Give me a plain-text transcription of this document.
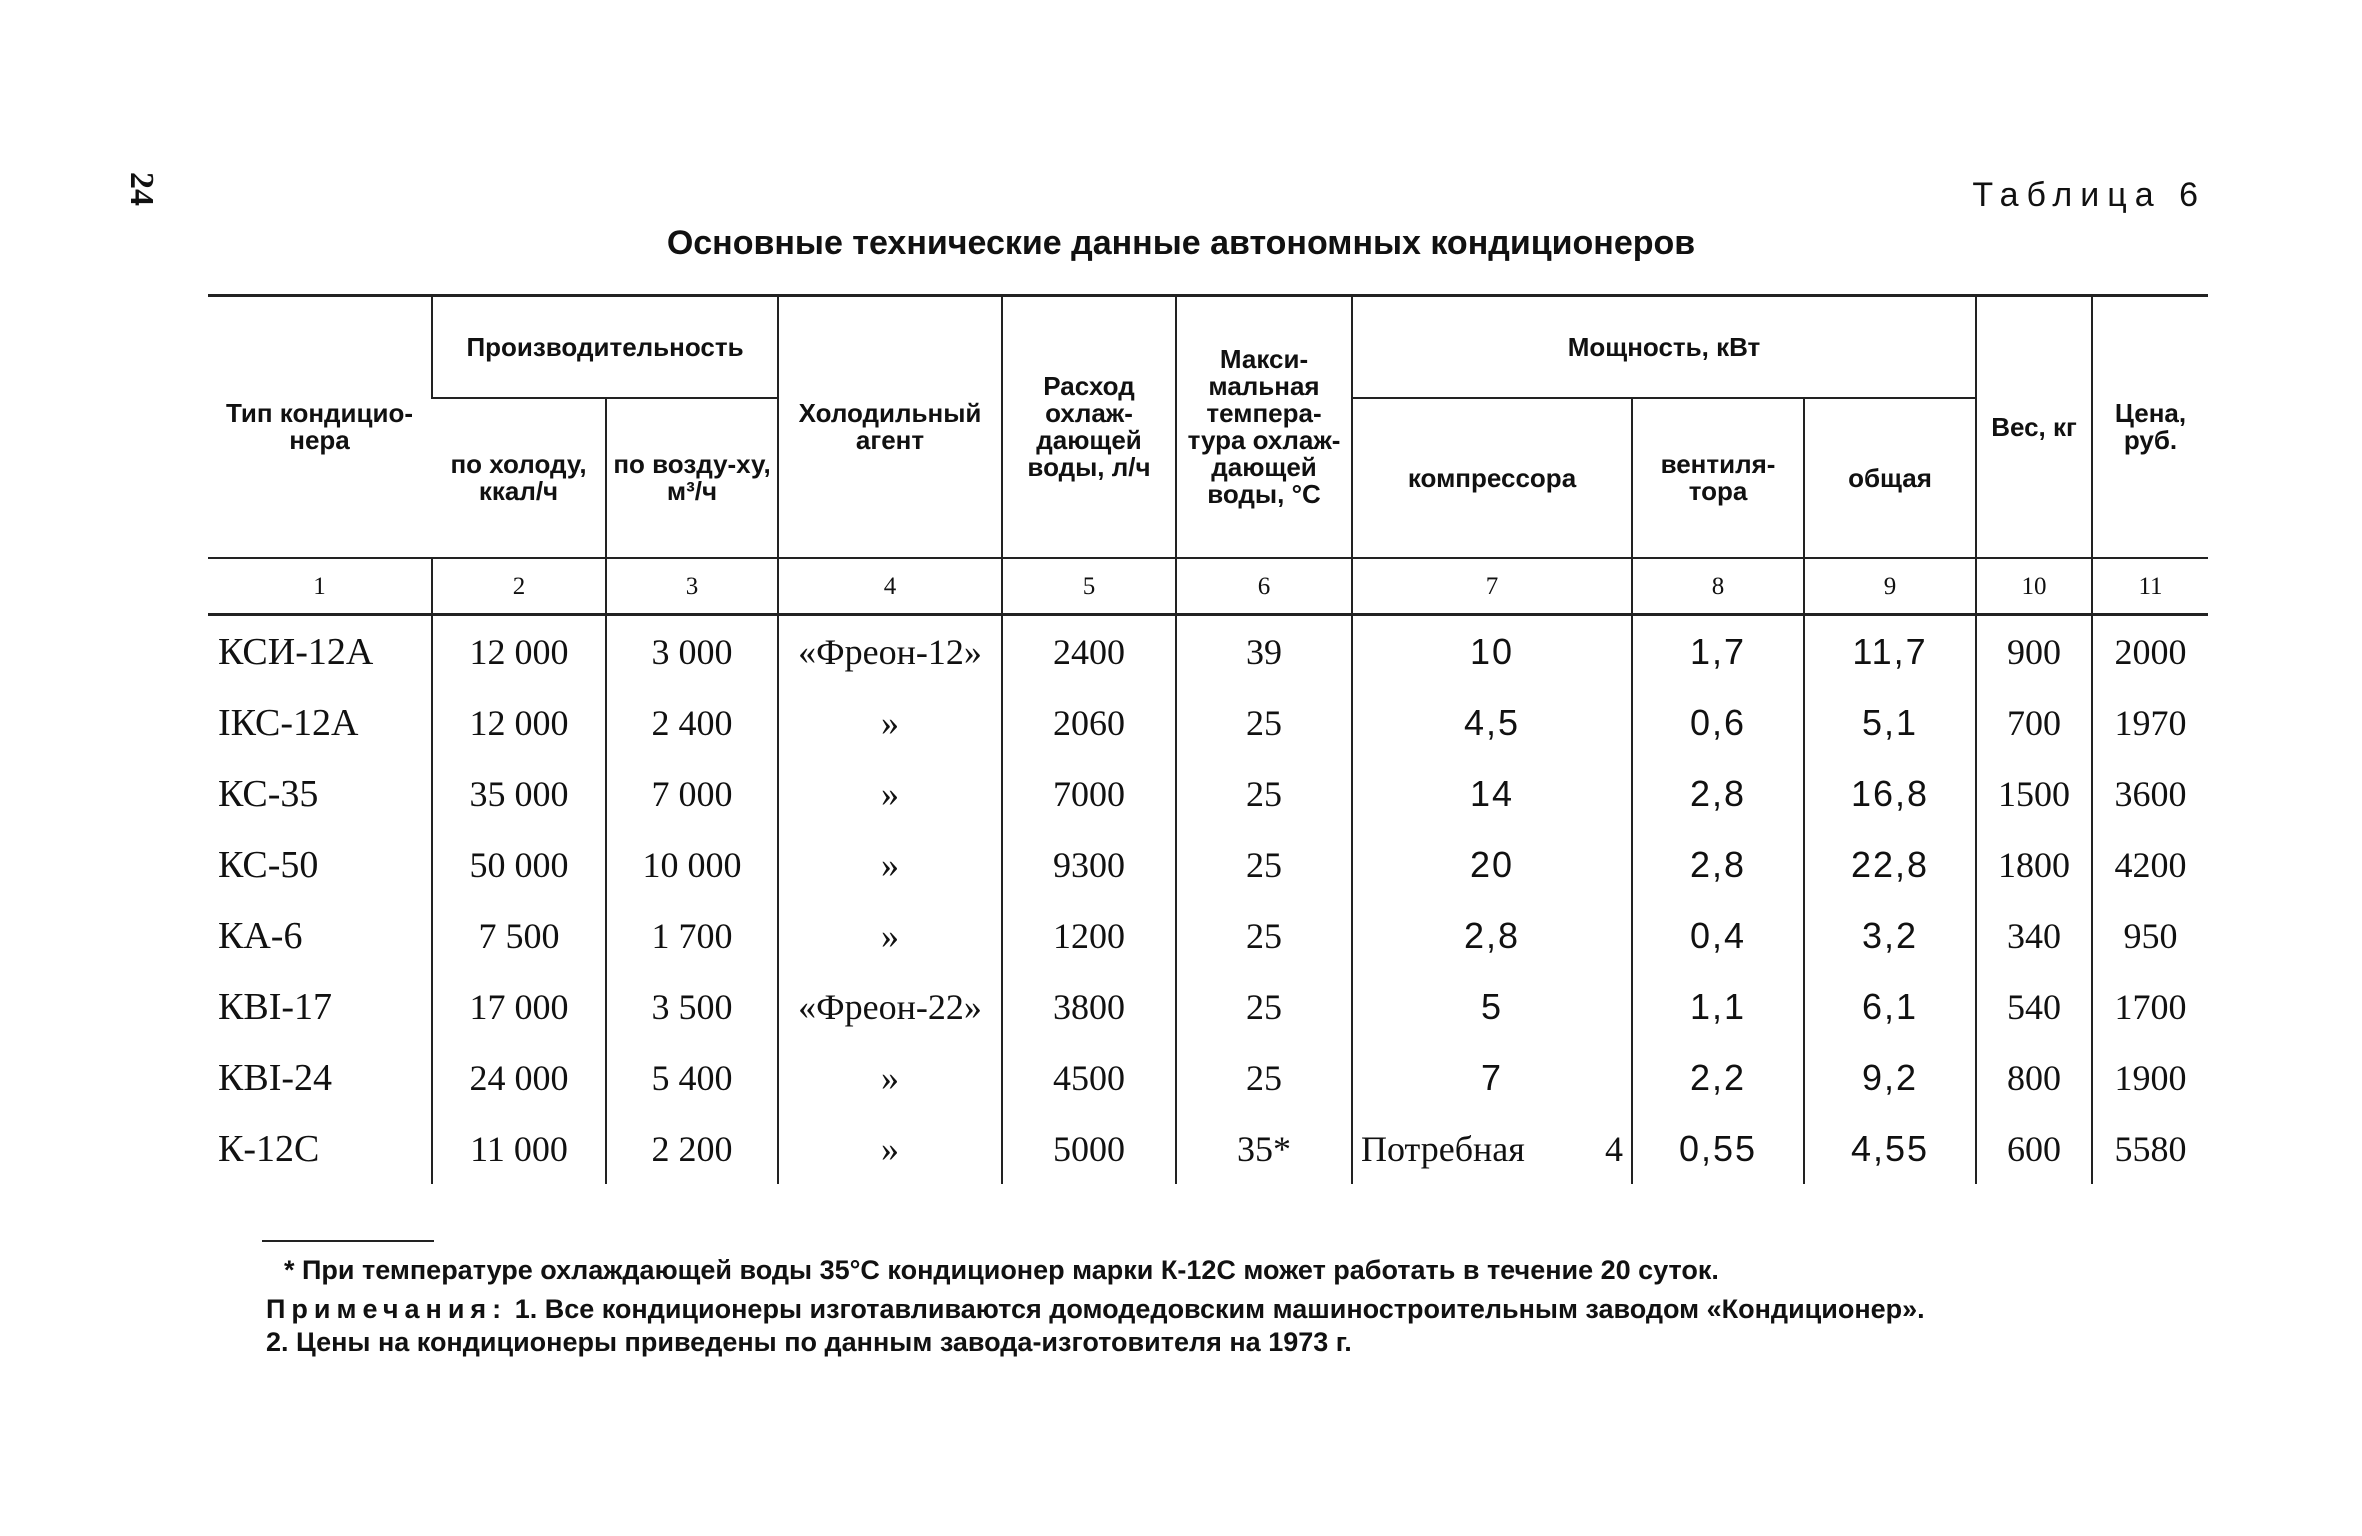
24	Таблица 6
Основные технические данные автономных кондиционеров
Тип кондицио-нера	Производительность		Холодильный агент	Расход охлаж-дающей воды, л/ч	Макси-мальная темпера-тура охлаж-дающей воды, °С	Мощность, кВт			Вес, кг	Цена, руб.
	по холоду, ккал/ч	по возду-ху, м³/ч				компрессора	вентиля-тора	общая		
1	2	3	4	5	6	7	8	9	10	11
КСИ-12А	12 000	3 000	«Фреон-12»	2400	39	10	1,7	11,7	900	2000
IКС-12А	12 000	2 400	»	2060	25	4,5	0,6	5,1	700	1970
КС-35	35 000	7 000	»	7000	25	14	2,8	16,8	1500	3600
КС-50	50 000	10 000	»	9300	25	20	2,8	22,8	1800	4200
КА-6	7 500	1 700	»	1200	25	2,8	0,4	3,2	340	950
КВI-17	17 000	3 500	«Фреон-22»	3800	25	5	1,1	6,1	540	1700
КВI-24	24 000	5 400	»	4500	25	7	2,2	9,2	800	1900
К-12С	11 000	2 200	»	5000	35*	Потребная 4	0,55	4,55	600	5580

* При температуре охлаждающей воды 35°С кондиционер марки К-12С может работать в течение 20 суток.

Примечания: 1. Все кондиционеры изготавливаются домодедовским машиностроительным заводом «Кондиционер».

2. Цены на кондиционеры приведены по данным завода-изготовителя на 1973 г.
